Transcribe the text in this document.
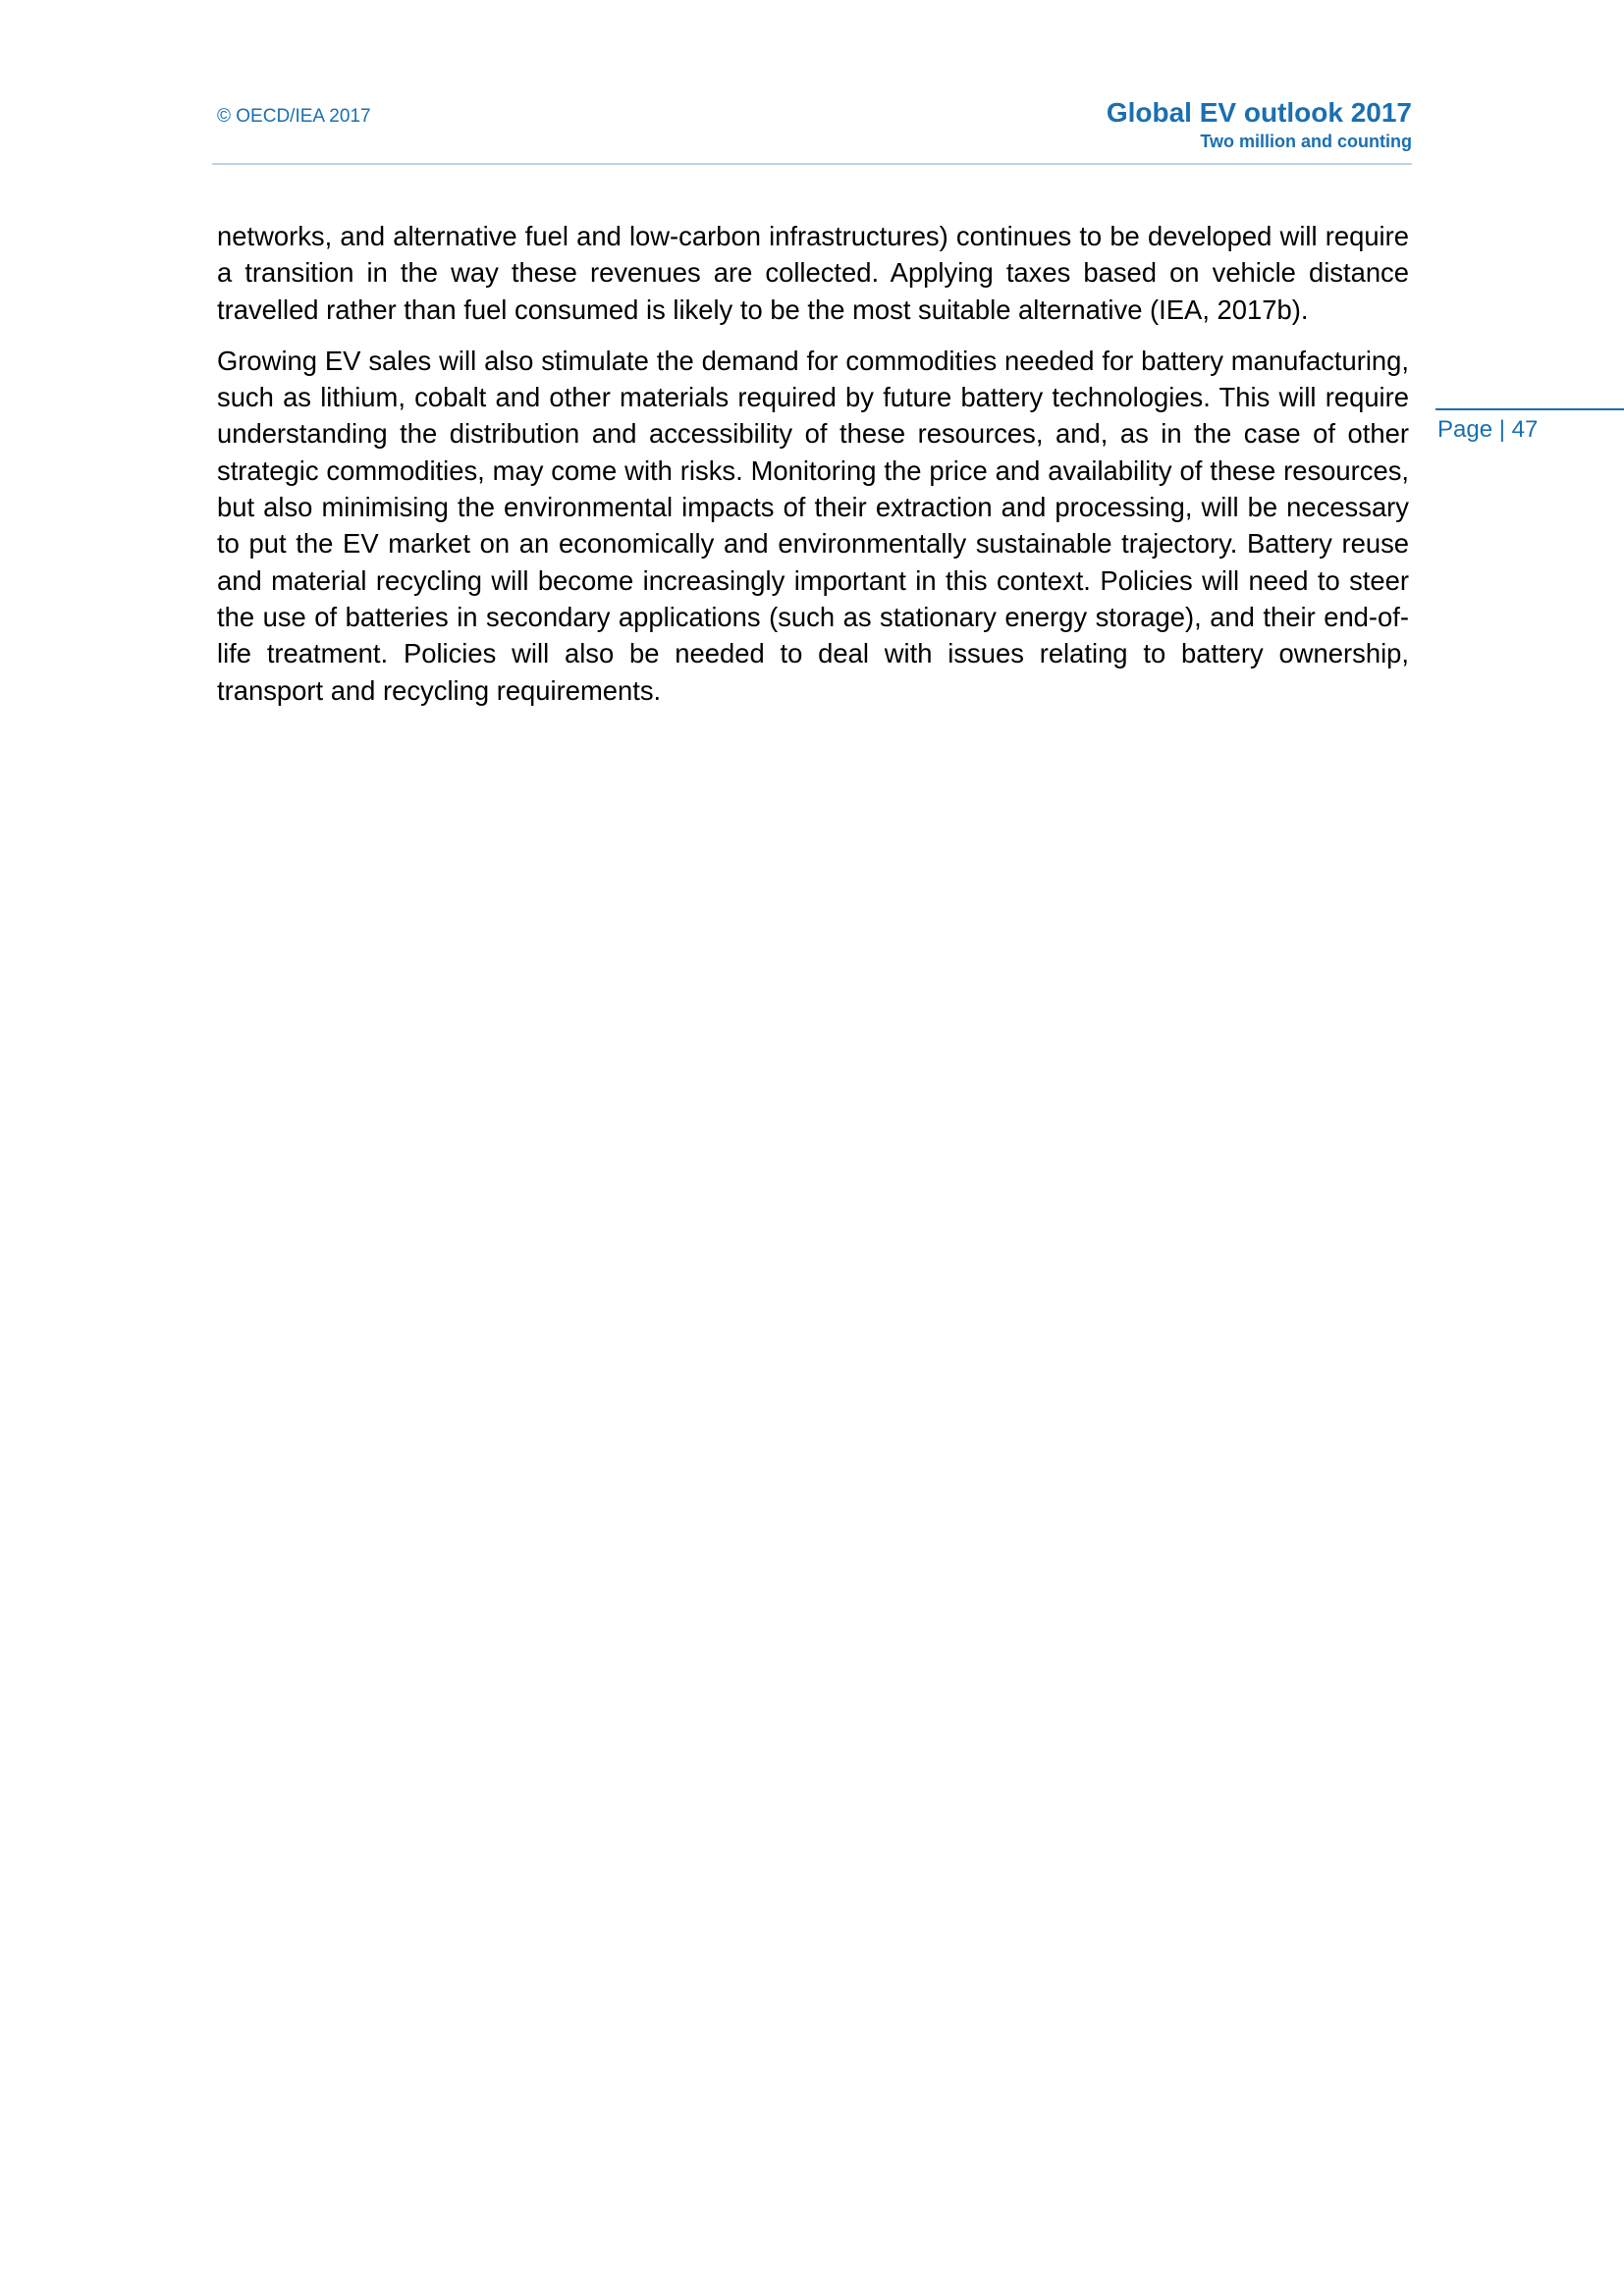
© OECD/IEA 2017	Global EV outlook 2017
Two million and counting
Page | 47

networks, and alternative fuel and low-carbon infrastructures) continues to be developed will require a transition in the way these revenues are collected. Applying taxes based on vehicle distance travelled rather than fuel consumed is likely to be the most suitable alternative (IEA, 2017b).

Growing EV sales will also stimulate the demand for commodities needed for battery manufacturing, such as lithium, cobalt and other materials required by future battery technologies. This will require understanding the distribution and accessibility of these resources, and, as in the case of other strategic commodities, may come with risks. Monitoring the price and availability of these resources, but also minimising the environmental impacts of their extraction and processing, will be necessary to put the EV market on an economically and environmentally sustainable trajectory. Battery reuse and material recycling will become increasingly important in this context. Policies will need to steer the use of batteries in secondary applications (such as stationary energy storage), and their end-of-life treatment. Policies will also be needed to deal with issues relating to battery ownership, transport and recycling requirements.
